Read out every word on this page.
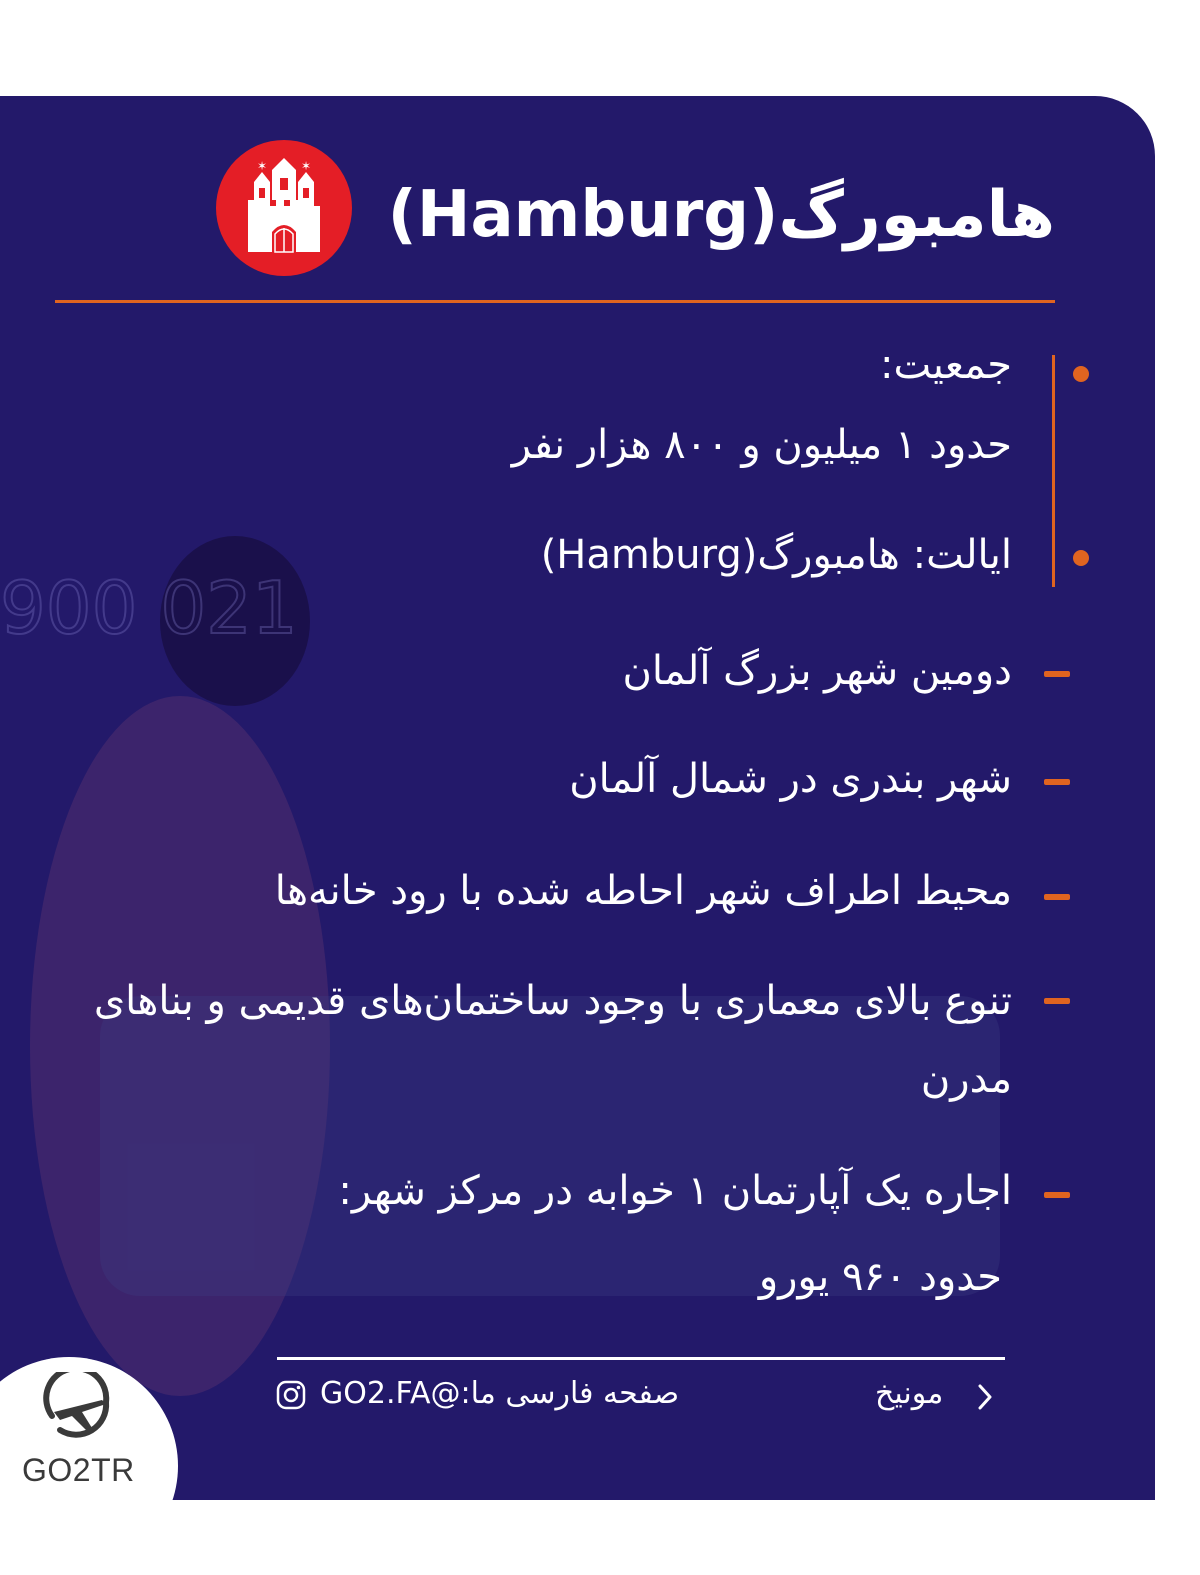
900 021
هامبورگ(Hamburg)
✶	✶
جمعیت:
حدود ۱ میلیون و ۸۰۰ هزار نفر
ایالت: هامبورگ(Hamburg)
دومین شهر بزرگ آلمان
شهر بندری در شمال آلمان
محیط اطراف شهر احاطه شده با رود خانه‌ها
تنوع بالای معماری با وجود ساختمان‌های قدیمی و بناهای مدرن
اجاره یک آپارتمان ۱ خوابه در مرکز شهر:
حدود ۹۶۰ یورو
مونیخ
صفحه فارسی ما:@GO2.FA
GO2TR
